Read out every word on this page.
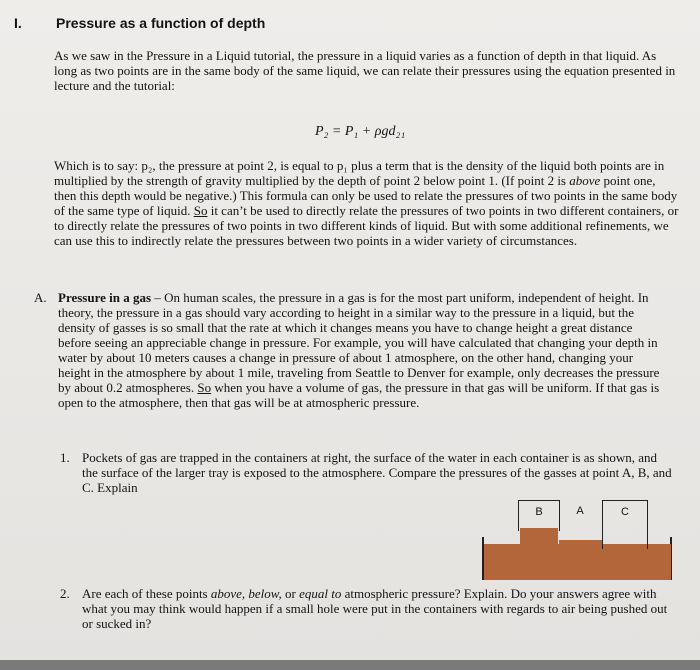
I. Pressure as a function of depth

As we saw in the Pressure in a Liquid tutorial, the pressure in a liquid varies as a function of depth in that liquid. As long as two points are in the same body of the same liquid, we can relate their pressures using the equation presented in lecture and the tutorial:

P₂ = P₁ + ρgd₂₁

Which is to say: p₂, the pressure at point 2, is equal to p₁ plus a term that is the density of the liquid both points are in multiplied by the strength of gravity multiplied by the depth of point 2 below point 1. (If point 2 is above point one, then this depth would be negative.) This formula can only be used to relate the pressures of two points in the same body of the same type of liquid. So it can’t be used to directly relate the pressures of two points in two different containers, or to directly relate the pressures of two points in two different kinds of liquid. But with some additional refinements, we can use this to indirectly relate the pressures between two points in a wider variety of circumstances.

A. Pressure in a gas – On human scales, the pressure in a gas is for the most part uniform, independent of height. In theory, the pressure in a gas should vary according to height in a similar way to the pressure in a liquid, but the density of gasses is so small that the rate at which it changes means you have to change height a great distance before seeing an appreciable change in pressure. For example, you will have calculated that changing your depth in water by about 10 meters causes a change in pressure of about 1 atmosphere, on the other hand, changing your height in the atmosphere by about 1 mile, traveling from Seattle to Denver for example, only decreases the pressure by about 0.2 atmospheres. So when you have a volume of gas, the pressure in that gas will be uniform. If that gas is open to the atmosphere, then that gas will be at atmospheric pressure.

1. Pockets of gas are trapped in the containers at right, the surface of the water in each container is as shown, and the surface of the larger tray is exposed to the atmosphere. Compare the pressures of the gasses at point A, B, and C. Explain

B	A	C
2. Are each of these points above, below, or equal to atmospheric pressure? Explain. Do your answers agree with what you may think would happen if a small hole were put in the containers with regards to air being pushed out or sucked in?
